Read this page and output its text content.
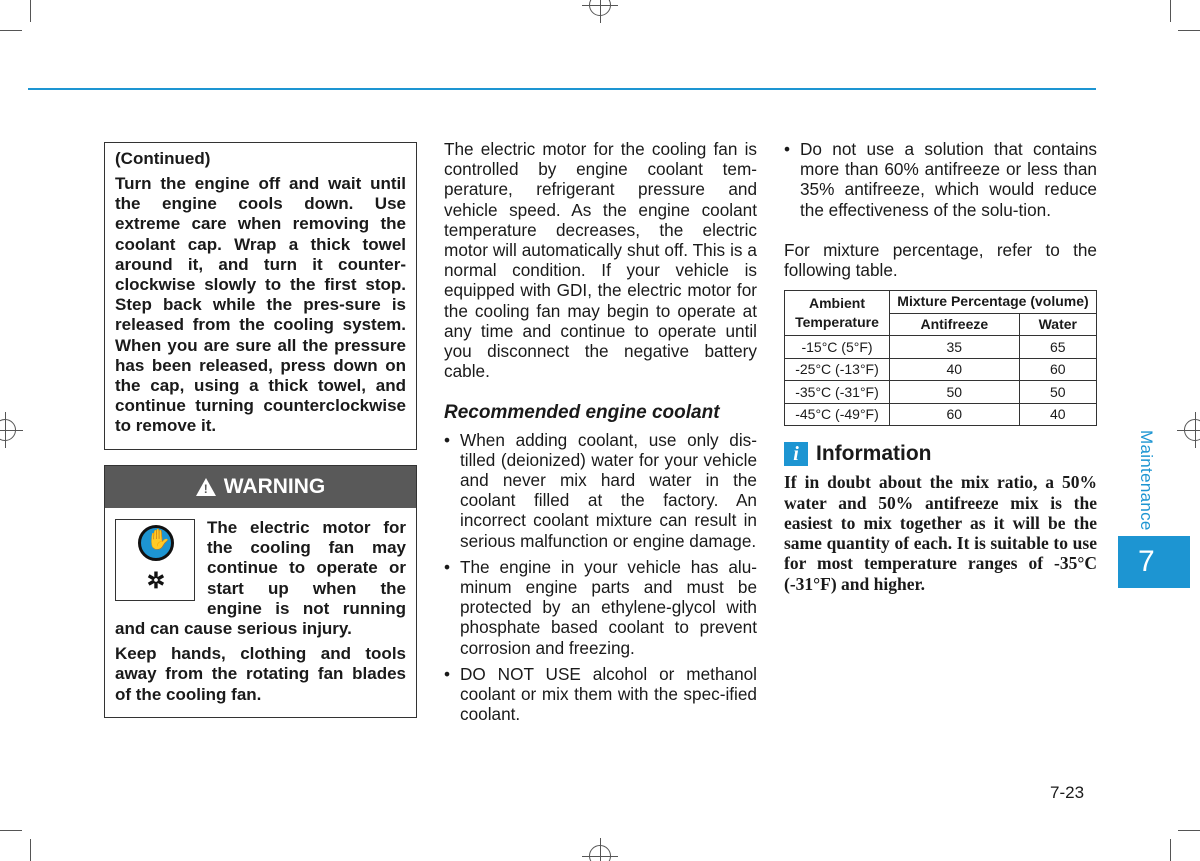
(Continued)
Turn the engine off and wait until the engine cools down. Use extreme care when removing the coolant cap. Wrap a thick towel around it, and turn it counter-clockwise slowly to the first stop. Step back while the pres-sure is released from the cooling system. When you are sure all the pressure has been released, press down on the cap, using a thick towel, and continue turning counterclockwise to remove it.
! WARNING
✋
✲

The electric motor for the cooling fan may continue to operate or start up when the engine is not running and can cause serious injury.

Keep hands, clothing and tools away from the rotating fan blades of the cooling fan.

The electric motor for the cooling fan is controlled by engine coolant tem-perature, refrigerant pressure and vehicle speed. As the engine coolant temperature decreases, the electric motor will automatically shut off. This is a normal condition. If your vehicle is equipped with GDI, the electric motor for the cooling fan may begin to operate at any time and continue to operate until you disconnect the negative battery cable.

Recommended engine coolant
• When adding coolant, use only dis-tilled (deionized) water for your vehicle and never mix hard water in the coolant filled at the factory. An incorrect coolant mixture can result in serious malfunction or engine damage.
• The engine in your vehicle has alu-minum engine parts and must be protected by an ethylene-glycol with phosphate based coolant to prevent corrosion and freezing.
• DO NOT USE alcohol or methanol coolant or mix them with the spec-ified coolant.
• Do not use a solution that contains more than 60% antifreeze or less than 35% antifreeze, which would reduce the effectiveness of the solu-tion.

For mixture percentage, refer to the following table.

Ambient Temperature	Mixture Percentage (volume)	
	Antifreeze	Water
-15°C (5°F)	35	65
-25°C (-13°F)	40	60
-35°C (-31°F)	50	50
-45°C (-49°F)	60	40
i Information

If in doubt about the mix ratio, a 50% water and 50% antifreeze mix is the easiest to mix together as it will be the same quantity of each. It is suitable to use for most temperature ranges of -35°C (-31°F) and higher.

Maintenance
7
7-23
